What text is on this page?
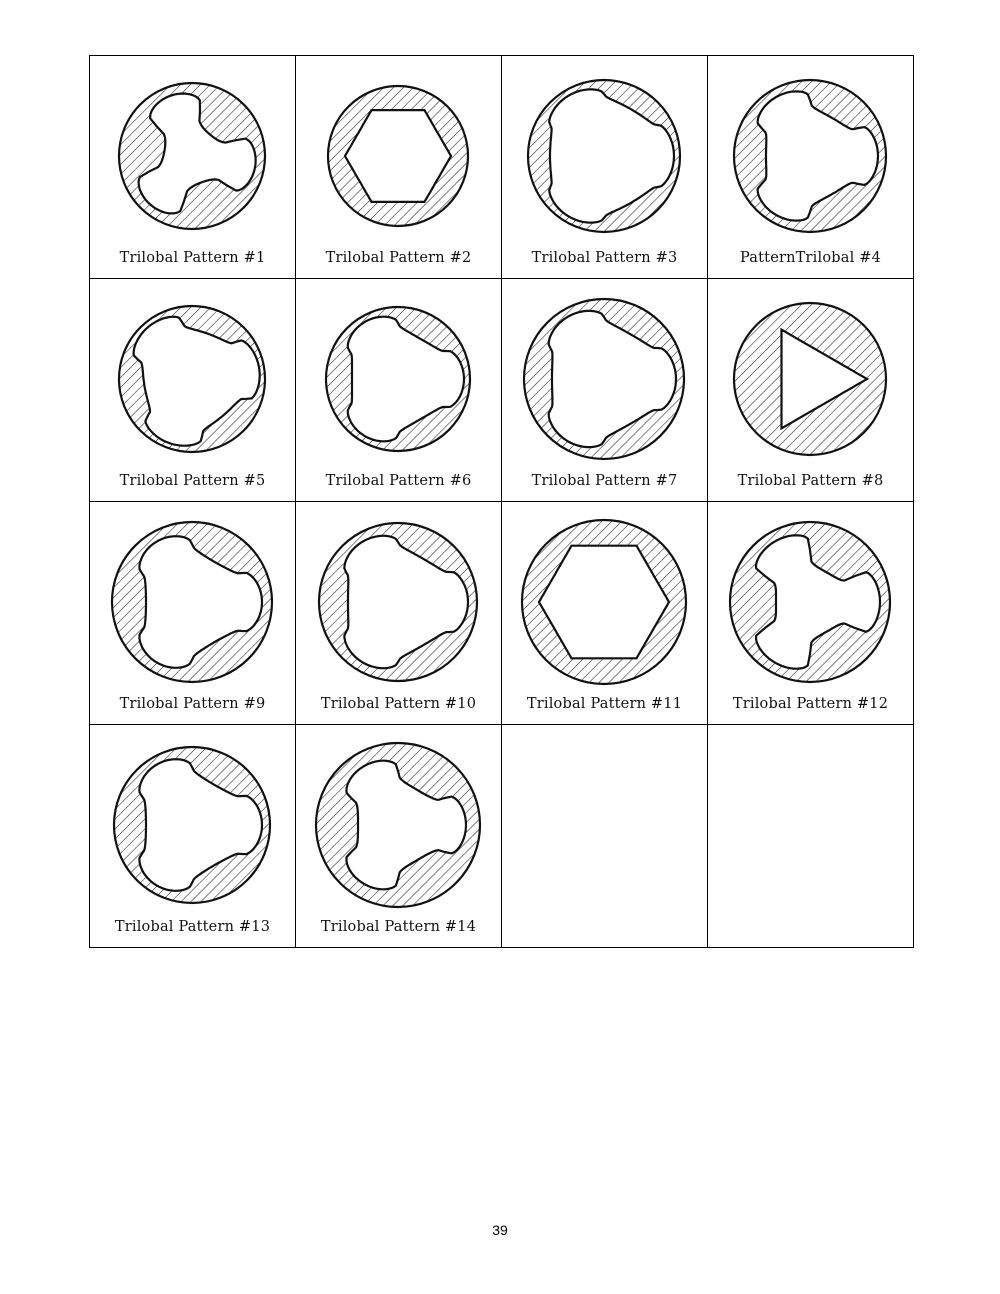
Trilobal Pattern #1	Trilobal Pattern #2	Trilobal Pattern #3	PatternTrilobal #4

Trilobal Pattern #5	Trilobal Pattern #6	Trilobal Pattern #7	Trilobal Pattern #8

Trilobal Pattern #9	Trilobal Pattern #10	Trilobal Pattern #11	Trilobal Pattern #12

Trilobal Pattern #13	Trilobal Pattern #14		

39
